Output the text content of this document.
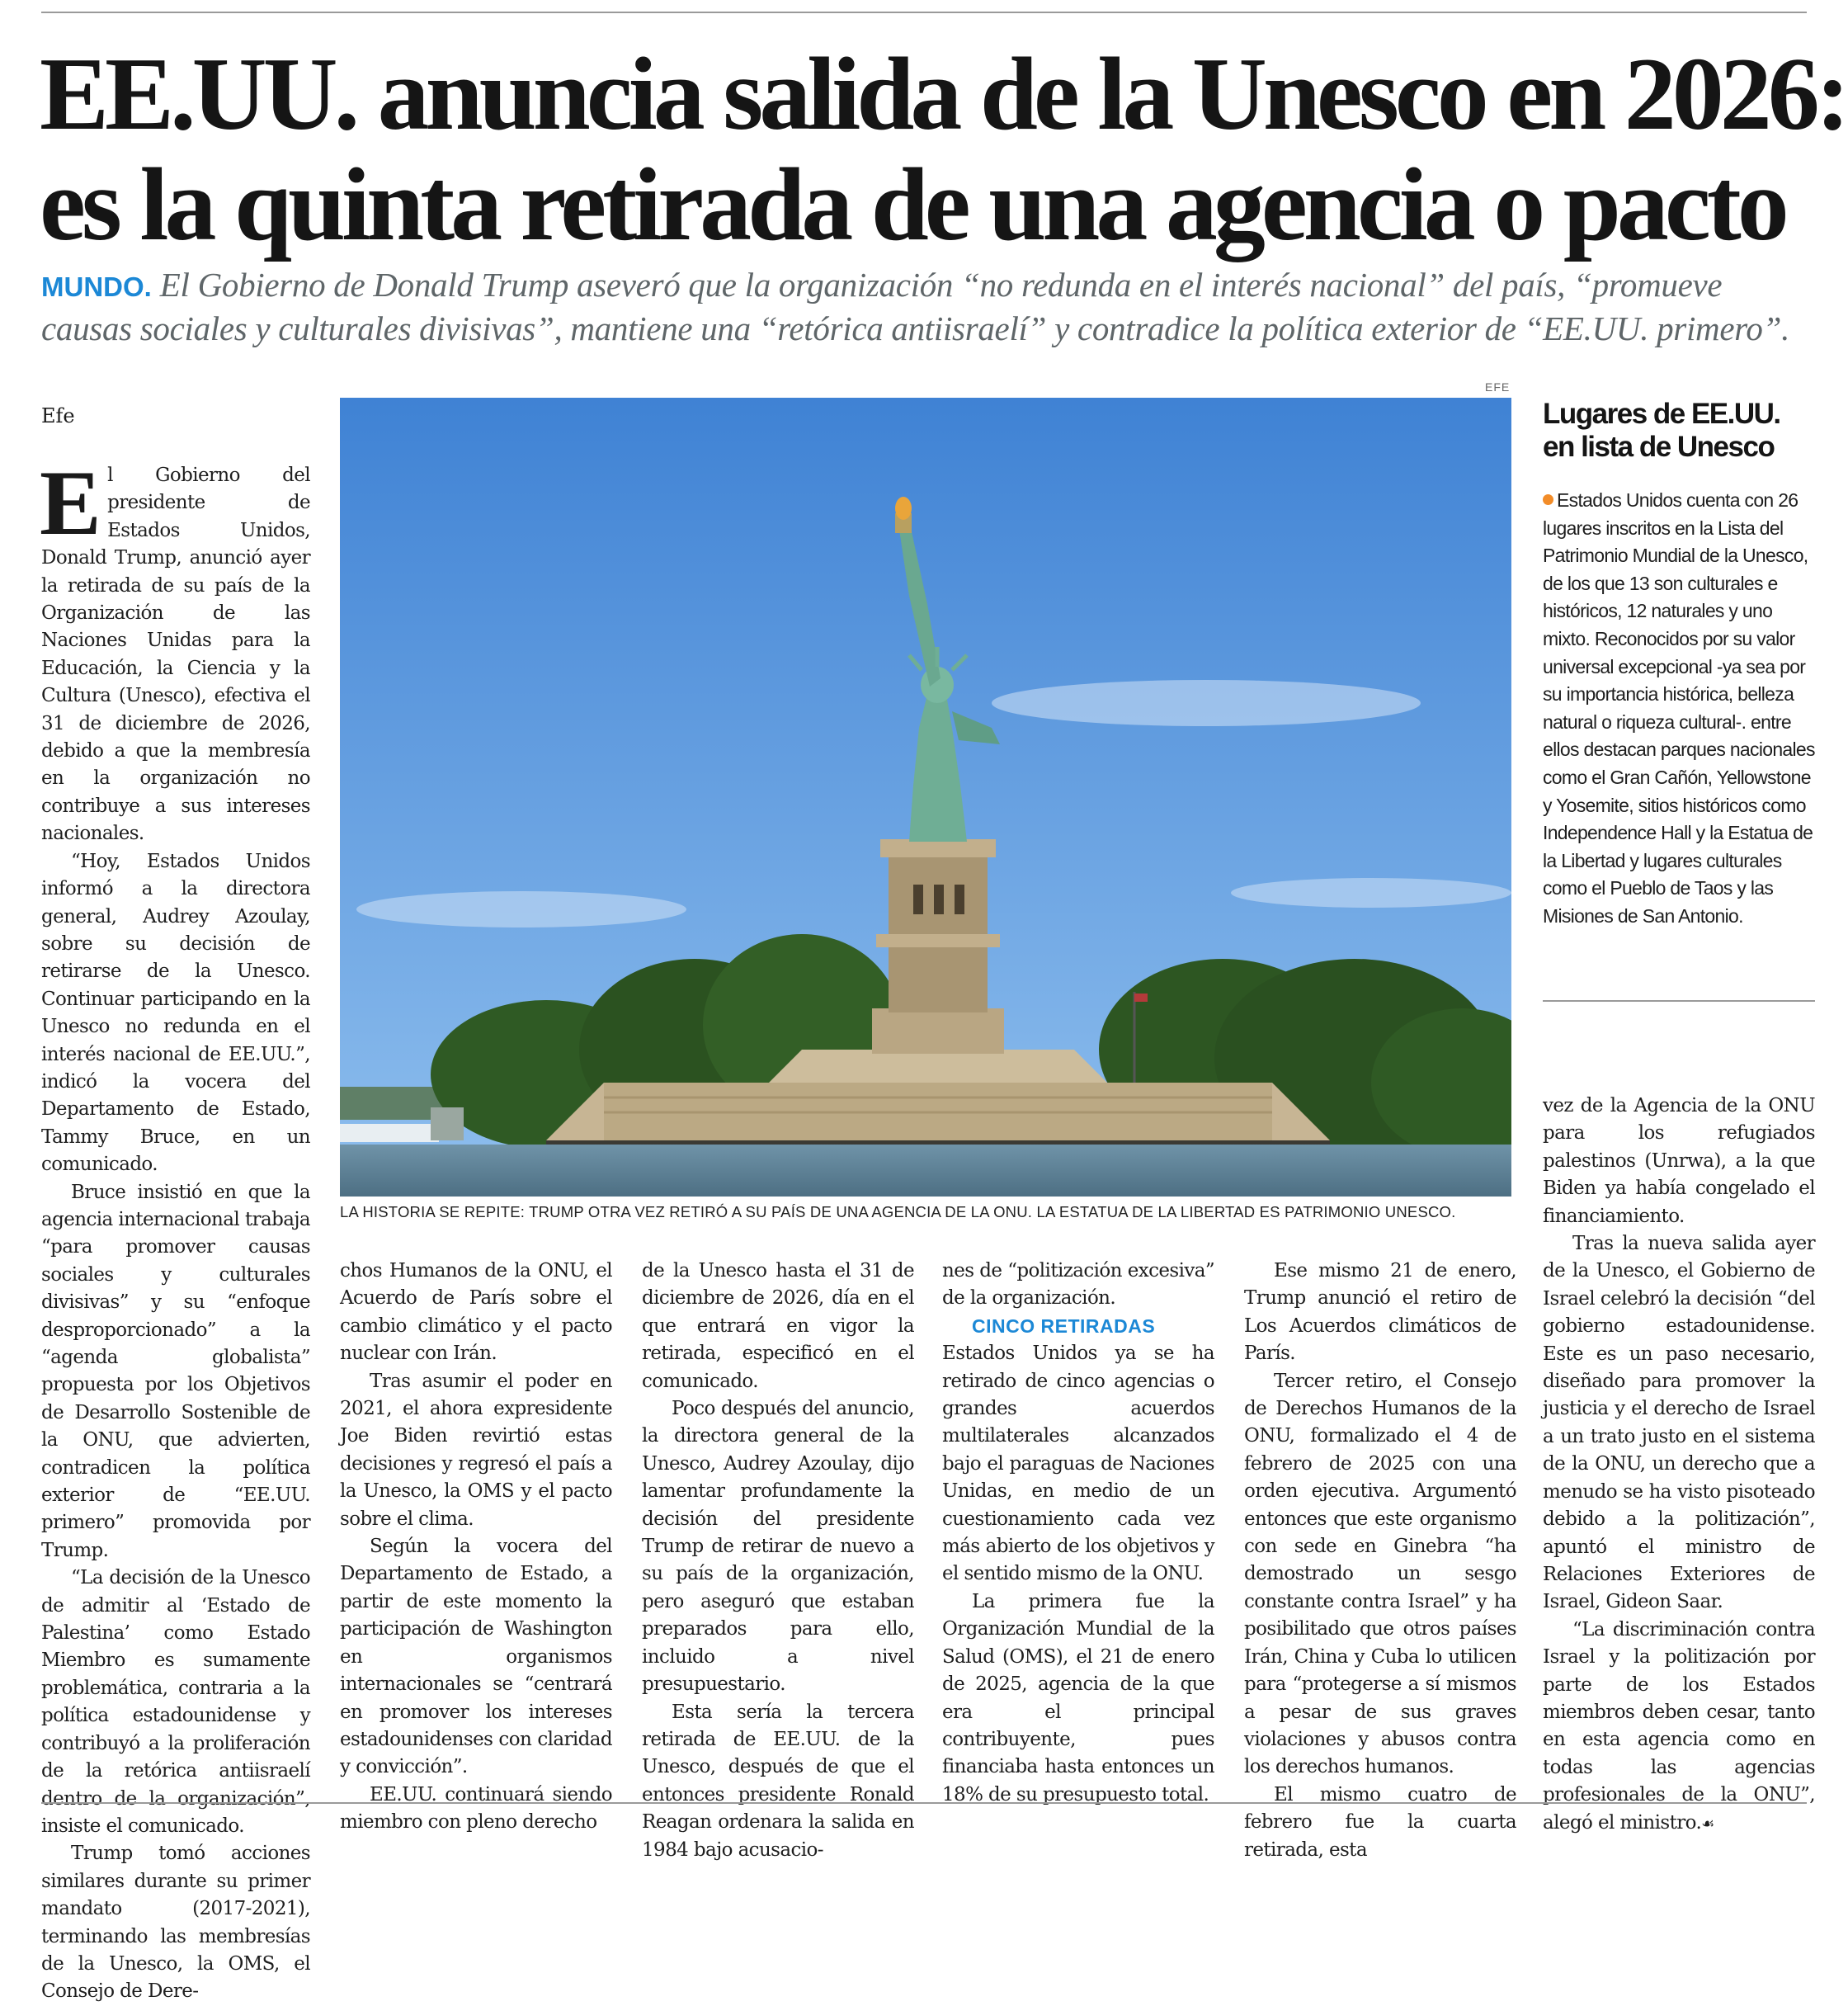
EE.UU. anuncia salida de la Unesco en 2026:
es la quinta retirada de una agencia o pacto

MUNDO. El Gobierno de Donald Trump aseveró que la organización “no redunda en el interés nacional” del país, “promueve causas sociales y culturales divisivas”, mantiene una “retórica antiisraelí” y contradice la política exterior de “EE.UU. primero”.

Efe

El Gobierno del presidente de Estados Unidos, Donald Trump, anunció ayer la retirada de su país de la Organización de las Naciones Unidas para la Educación, la Ciencia y la Cultura (Unesco), efectiva el 31 de diciembre de 2026, debido a que la membresía en la organización no contribuye a sus intereses nacionales.

“Hoy, Estados Unidos informó a la directora general, Audrey Azoulay, sobre su decisión de retirarse de la Unesco. Continuar participando en la Unesco no redunda en el interés nacional de EE.UU.”, indicó la vocera del Departamento de Estado, Tammy Bruce, en un comunicado.

Bruce insistió en que la agencia internacional trabaja “para promover causas sociales y culturales divisivas” y su “enfoque desproporcionado” a la “agenda globalista” propuesta por los Objetivos de Desarrollo Sostenible de la ONU, que advierten, contradicen la política exterior de “EE.UU. primero” promovida por Trump.

“La decisión de la Unesco de admitir al ‘Estado de Palestina’ como Estado Miembro es sumamente problemática, contraria a la política estadounidense y contribuyó a la proliferación de la retórica antiisraelí dentro de la organización”, insiste el comunicado.

Trump tomó acciones similares durante su primer mandato (2017-2021), terminando las membresías de la Unesco, la OMS, el Consejo de Dere-

EFE
LA HISTORIA SE REPITE: TRUMP OTRA VEZ RETIRÓ A SU PAÍS DE UNA AGENCIA DE LA ONU. LA ESTATUA DE LA LIBERTAD ES PATRIMONIO UNESCO.
Lugares de EE.UU. en lista de Unesco
Estados Unidos cuenta con 26 lugares inscritos en la Lista del Patrimonio Mundial de la Unesco, de los que 13 son culturales e históricos, 12 naturales y uno mixto. Reconocidos por su valor universal excepcional -ya sea por su importancia histórica, belleza natural o riqueza cultural-. entre ellos destacan parques nacionales como el Gran Cañón, Yellowstone y Yosemite, sitios históricos como Independence Hall y la Estatua de la Libertad y lugares culturales como el Pueblo de Taos y las Misiones de San Antonio.

chos Humanos de la ONU, el Acuerdo de París sobre el cambio climático y el pacto nuclear con Irán.

Tras asumir el poder en 2021, el ahora expresidente Joe Biden revirtió estas decisiones y regresó el país a la Unesco, la OMS y el pacto sobre el clima.

Según la vocera del Departamento de Estado, a partir de este momento la participación de Washington en organismos internacionales se “centrará en promover los intereses estadounidenses con claridad y convicción”.

EE.UU. continuará siendo miembro con pleno derecho

de la Unesco hasta el 31 de diciembre de 2026, día en el que entrará en vigor la retirada, especificó en el comunicado.

Poco después del anuncio, la directora general de la Unesco, Audrey Azoulay, dijo lamentar profundamente la decisión del presidente Trump de retirar de nuevo a su país de la organización, pero aseguró que estaban preparados para ello, incluido a nivel presupuestario.

Esta sería la tercera retirada de EE.UU. de la Unesco, después de que el entonces presidente Ronald Reagan ordenara la salida en 1984 bajo acusacio-

nes de “politización excesiva” de la organización.

CINCO RETIRADAS

Estados Unidos ya se ha retirado de cinco agencias o grandes acuerdos multilaterales alcanzados bajo el paraguas de Naciones Unidas, en medio de un cuestionamiento cada vez más abierto de los objetivos y el sentido mismo de la ONU.

La primera fue la Organización Mundial de la Salud (OMS), el 21 de enero de 2025, agencia de la que era el principal contribuyente, pues financiaba hasta entonces un 18% de su presupuesto total.

Ese mismo 21 de enero, Trump anunció el retiro de Los Acuerdos climáticos de París.

Tercer retiro, el Consejo de Derechos Humanos de la ONU, formalizado el 4 de febrero de 2025 con una orden ejecutiva. Argumentó entonces que este organismo con sede en Ginebra “ha demostrado un sesgo constante contra Israel” y ha posibilitado que otros países Irán, China y Cuba lo utilicen para “protegerse a sí mismos a pesar de sus graves violaciones y abusos contra los derechos humanos.

El mismo cuatro de febrero fue la cuarta retirada, esta

vez de la Agencia de la ONU para los refugiados palestinos (Unrwa), a la que Biden ya había congelado el financiamiento.

Tras la nueva salida ayer de la Unesco, el Gobierno de Israel celebró la decisión “del gobierno estadounidense. Este es un paso necesario, diseñado para promover la justicia y el derecho de Israel a un trato justo en el sistema de la ONU, un derecho que a menudo se ha visto pisoteado debido a la politización”, apuntó el ministro de Relaciones Exteriores de Israel, Gideon Saar.

“La discriminación contra Israel y la politización por parte de los Estados miembros deben cesar, tanto en esta agencia como en todas las agencias profesionales de la ONU”, alegó el ministro.☙
